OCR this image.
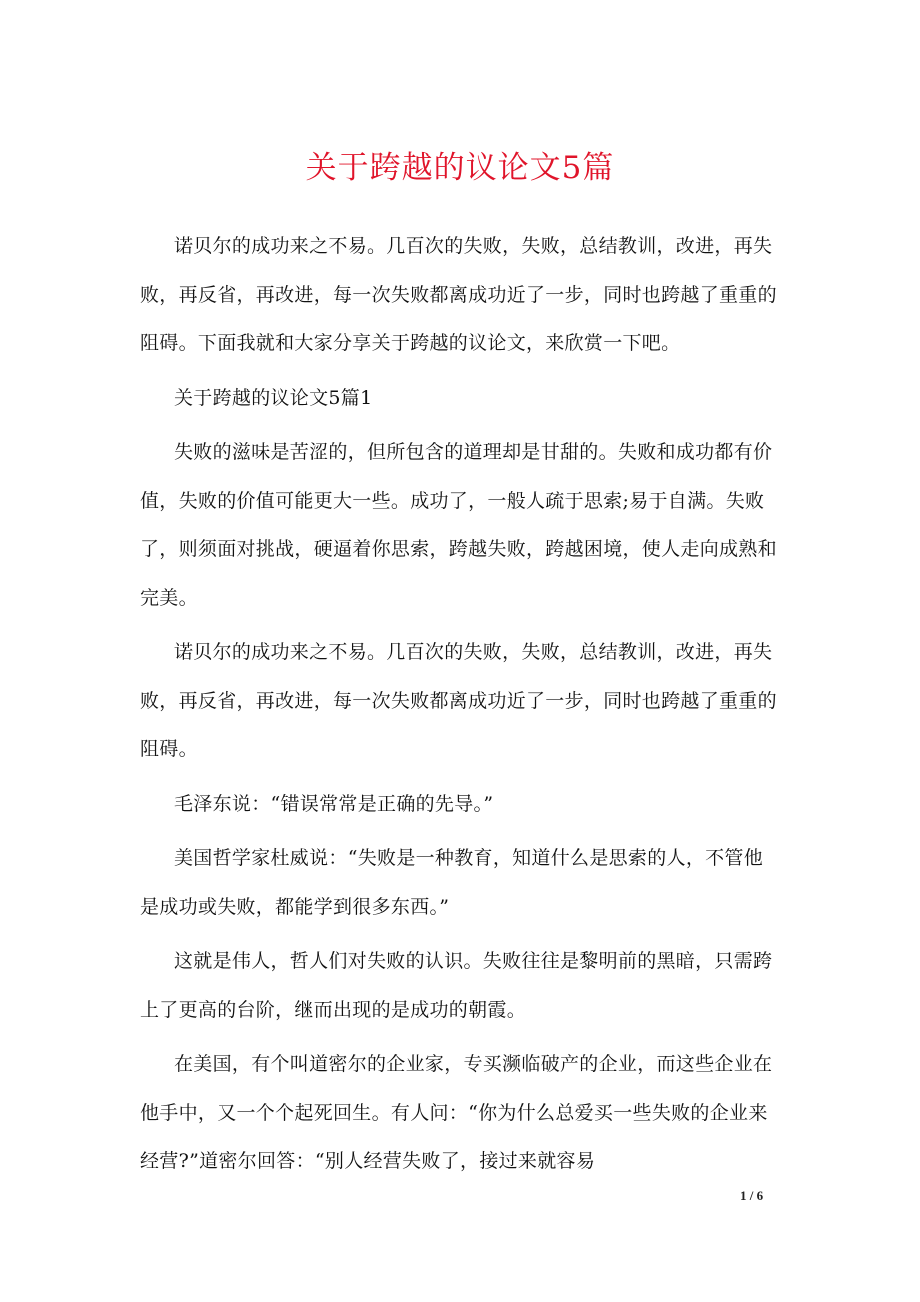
关于跨越的议论文5篇

诺贝尔的成功来之不易。几百次的失败，失败，总结教训，改进，再失败，再反省，再改进，每一次失败都离成功近了一步，同时也跨越了重重的阻碍。下面我就和大家分享关于跨越的议论文，来欣赏一下吧。

关于跨越的议论文5篇1

失败的滋味是苦涩的，但所包含的道理却是甘甜的。失败和成功都有价值，失败的价值可能更大一些。成功了，一般人疏于思索;易于自满。失败了，则须面对挑战，硬逼着你思索，跨越失败，跨越困境，使人走向成熟和完美。

诺贝尔的成功来之不易。几百次的失败，失败，总结教训，改进，再失败，再反省，再改进，每一次失败都离成功近了一步，同时也跨越了重重的阻碍。

毛泽东说：“错误常常是正确的先导。”

美国哲学家杜威说：“失败是一种教育，知道什么是思索的人，不管他是成功或失败，都能学到很多东西。”

这就是伟人，哲人们对失败的认识。失败往往是黎明前的黑暗，只需跨上了更高的台阶，继而出现的是成功的朝霞。

在美国，有个叫道密尔的企业家，专买濒临破产的企业，而这些企业在他手中，又一个个起死回生。有人问：“你为什么总爱买一些失败的企业来经营?”道密尔回答：“别人经营失败了，接过来就容易

1 / 6
